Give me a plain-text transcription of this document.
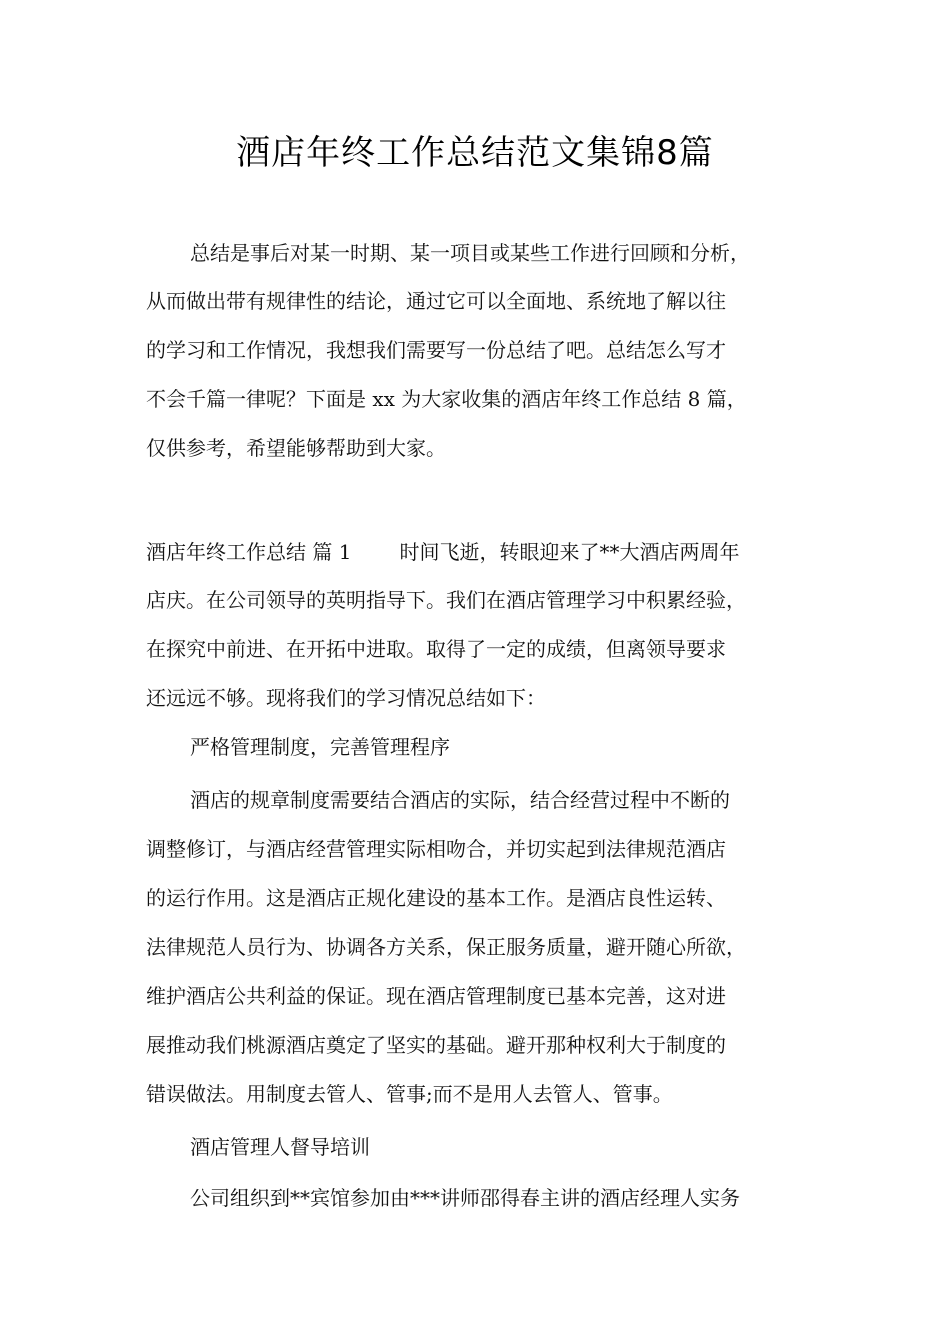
酒店年终工作总结范文集锦8篇
总结是事后对某一时期、某一项目或某些工作进行回顾和分析，
从而做出带有规律性的结论，通过它可以全面地、系统地了解以往
的学习和工作情况，我想我们需要写一份总结了吧。总结怎么写才
不会千篇一律呢？下面是 xx 为大家收集的酒店年终工作总结 8 篇，
仅供参考，希望能够帮助到大家。
酒店年终工作总结 篇 1 时间飞逝，转眼迎来了**大酒店两周年
店庆。在公司领导的英明指导下。我们在酒店管理学习中积累经验，
在探究中前进、在开拓中进取。取得了一定的成绩，但离领导要求
还远远不够。现将我们的学习情况总结如下：
严格管理制度，完善管理程序
酒店的规章制度需要结合酒店的实际，结合经营过程中不断的
调整修订，与酒店经营管理实际相吻合，并切实起到法律规范酒店
的运行作用。这是酒店正规化建设的基本工作。是酒店良性运转、
法律规范人员行为、协调各方关系，保正服务质量，避开随心所欲，
维护酒店公共利益的保证。现在酒店管理制度已基本完善，这对进
展推动我们桃源酒店奠定了坚实的基础。避开那种权利大于制度的
错误做法。用制度去管人、管事;而不是用人去管人、管事。
酒店管理人督导培训
公司组织到**宾馆参加由***讲师邵得春主讲的酒店经理人实务
